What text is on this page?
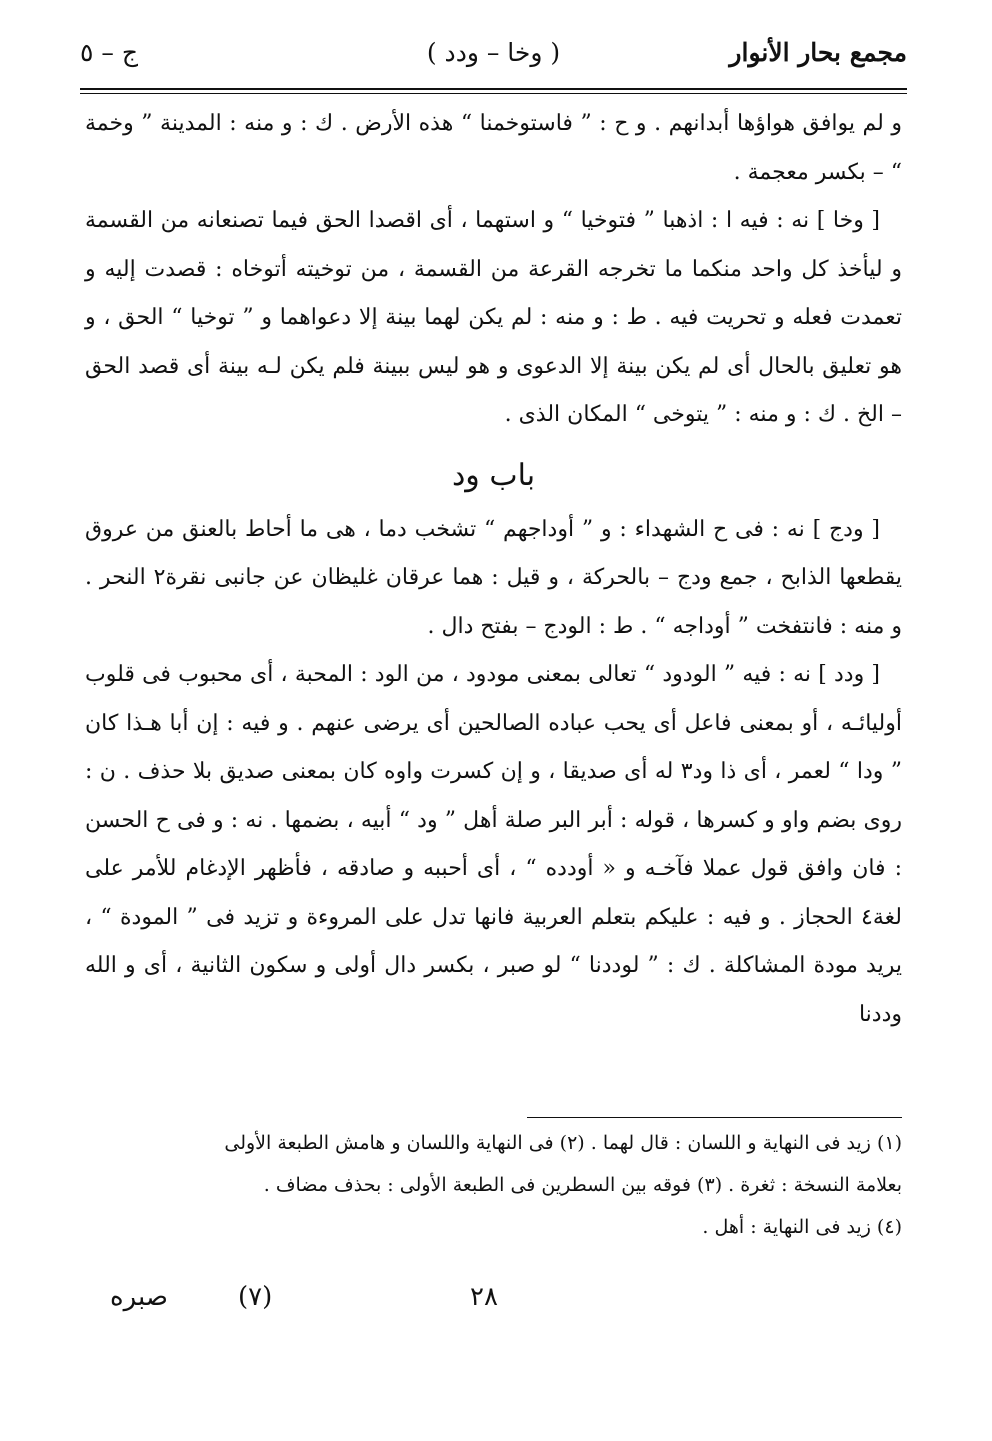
مجمع بحار الأنوار
( وخا – ودد )
ج – ٥

و لم يوافق هواؤها أبدانهم . و ح : ” فاستوخمنا “ هذه الأرض . ك : و منه : المدينة ” وخمة “ – بكسر معجمة .

[ وخا ] نه : فيه ا : اذهبا ” فتوخيا “ و استهما ، أى اقصدا الحق فيما تصنعانه من القسمة و ليأخذ كل واحد منكما ما تخرجه القرعة من القسمة ، من توخيته أتوخاه : قصدت إليه و تعمدت فعله و تحريت فيه . ط : و منه : لم يكن لهما بينة إلا دعواهما و ” توخيا “ الحق ، و هو تعليق بالحال أى لم يكن بينة إلا الدعوى و هو ليس ببينة فلم يكن لـه بينة أى قصد الحق – الخ . ك : و منه : ” يتوخى “ المكان الذى .

باب ود

[ ودج ] نه : فى ح الشهداء : و ” أوداجهم “ تشخب دما ، هى ما أحاط بالعنق من عروق يقطعها الذابح ، جمع ودج – بالحركة ، و قيل : هما عرقان غليظان عن جانبى نقرة٢ النحر . و منه : فانتفخت ” أوداجه “ . ط : الودج – بفتح دال .

[ ودد ] نه : فيه ” الودود “ تعالى بمعنى مودود ، من الود : المحبة ، أى محبوب فى قلوب أوليائـه ، أو بمعنى فاعل أى يحب عباده الصالحين أى يرضى عنهم . و فيه : إن أبا هـذا كان ” ودا “ لعمر ، أى ذا ود٣ له أى صديقا ، و إن كسرت واوه كان بمعنى صديق بلا حذف . ن : روى بضم واو و كسرها ، قوله : أبر البر صلة أهل ” ود “ أبيه ، بضمها . نه : و فى ح الحسن : فان وافق قول عملا فآخـه و « أودده “ ، أى أحببه و صادقه ، فأظهر الإدغام للأمر على لغة٤ الحجاز . و فيه : عليكم بتعلم العربية فانها تدل على المروءة و تزيد فى ” المودة “ ، يريد مودة المشاكلة . ك : ” لوددنا “ لو صبر ، بكسر دال أولى و سكون الثانية ، أى و الله وددنا

(١) زيد فى النهاية و اللسان : قال لهما . (٢) فى النهاية واللسان و هامش الطبعة الأولى

بعلامة النسخة : ثغرة . (٣) فوقه بين السطرين فى الطبعة الأولى : بحذف مضاف .

(٤) زيد فى النهاية : أهل .

٢٨
(٧)
صبره
